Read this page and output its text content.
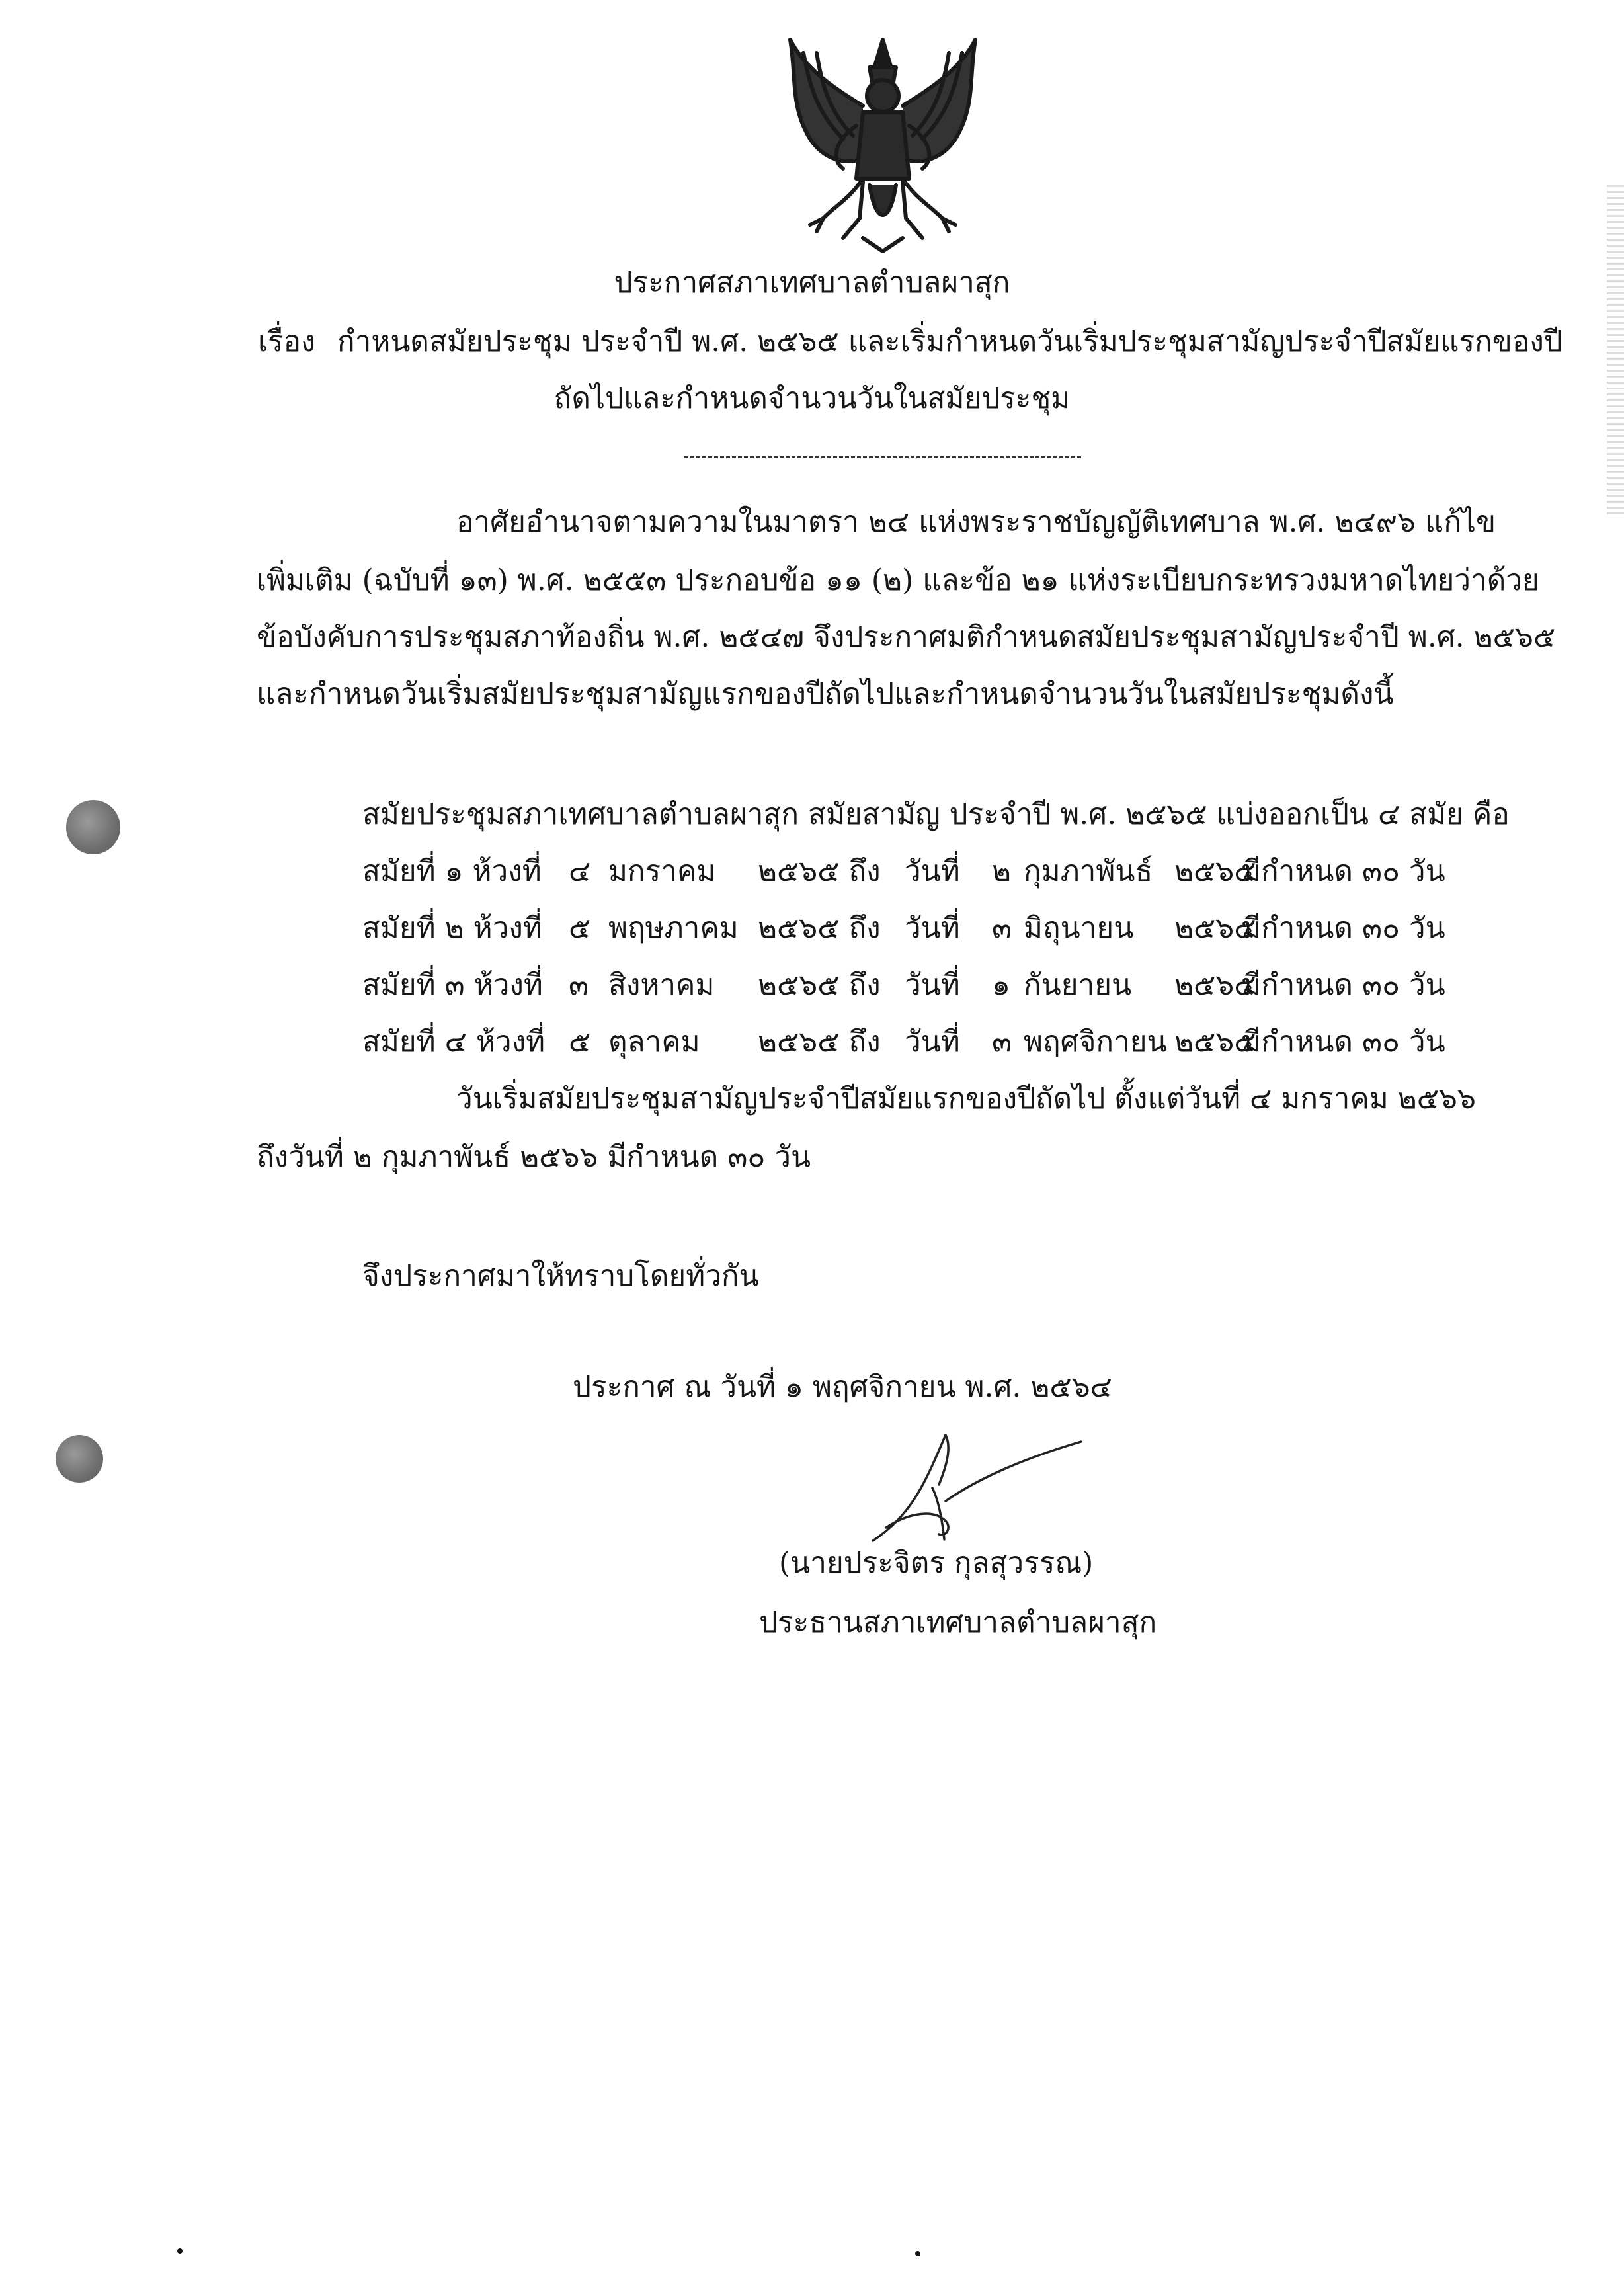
ประกาศสภาเทศบาลตำบลผาสุก
เรื่อง กำหนดสมัยประชุม ประจำปี พ.ศ. ๒๕๖๕ และเริ่มกำหนดวันเริ่มประชุมสามัญประจำปีสมัยแรกของปี
ถัดไปและกำหนดจำนวนวันในสมัยประชุม
อาศัยอำนาจตามความในมาตรา ๒๔ แห่งพระราชบัญญัติเทศบาล พ.ศ. ๒๔๙๖ แก้ไข
เพิ่มเติม (ฉบับที่ ๑๓) พ.ศ. ๒๕๕๓ ประกอบข้อ ๑๑ (๒) และข้อ ๒๑ แห่งระเบียบกระทรวงมหาดไทยว่าด้วย
ข้อบังคับการประชุมสภาท้องถิ่น พ.ศ. ๒๕๔๗ จึงประกาศมติกำหนดสมัยประชุมสามัญประจำปี พ.ศ. ๒๕๖๕
และกำหนดวันเริ่มสมัยประชุมสามัญแรกของปีถัดไปและกำหนดจำนวนวันในสมัยประชุมดังนี้
สมัยประชุมสภาเทศบาลตำบลผาสุก สมัยสามัญ ประจำปี พ.ศ. ๒๕๖๕ แบ่งออกเป็น ๔ สมัย คือ
สมัยที่ ๑ ห้วงที่ ๔ มกราคม ๒๕๖๕ ถึง วันที่ ๒ กุมภาพันธ์ ๒๕๖๕
มีกำหนด ๓๐ วัน
สมัยที่ ๒ ห้วงที่ ๕ พฤษภาคม ๒๕๖๕ ถึง วันที่ ๓ มิถุนายน ๒๕๖๕
มีกำหนด ๓๐ วัน
สมัยที่ ๓ ห้วงที่ ๓ สิงหาคม ๒๕๖๕ ถึง วันที่ ๑ กันยายน ๒๕๖๕
มีกำหนด ๓๐ วัน
สมัยที่ ๔ ห้วงที่ ๕ ตุลาคม ๒๕๖๕ ถึง วันที่ ๓ พฤศจิกายน ๒๕๖๕
มีกำหนด ๓๐ วัน
วันเริ่มสมัยประชุมสามัญประจำปีสมัยแรกของปีถัดไป ตั้งแต่วันที่ ๔ มกราคม ๒๕๖๖
ถึงวันที่ ๒ กุมภาพันธ์ ๒๕๖๖ มีกำหนด ๓๐ วัน
จึงประกาศมาให้ทราบโดยทั่วกัน
ประกาศ ณ วันที่ ๑ พฤศจิกายน พ.ศ. ๒๕๖๔
(นายประจิตร กุลสุวรรณ)
ประธานสภาเทศบาลตำบลผาสุก
